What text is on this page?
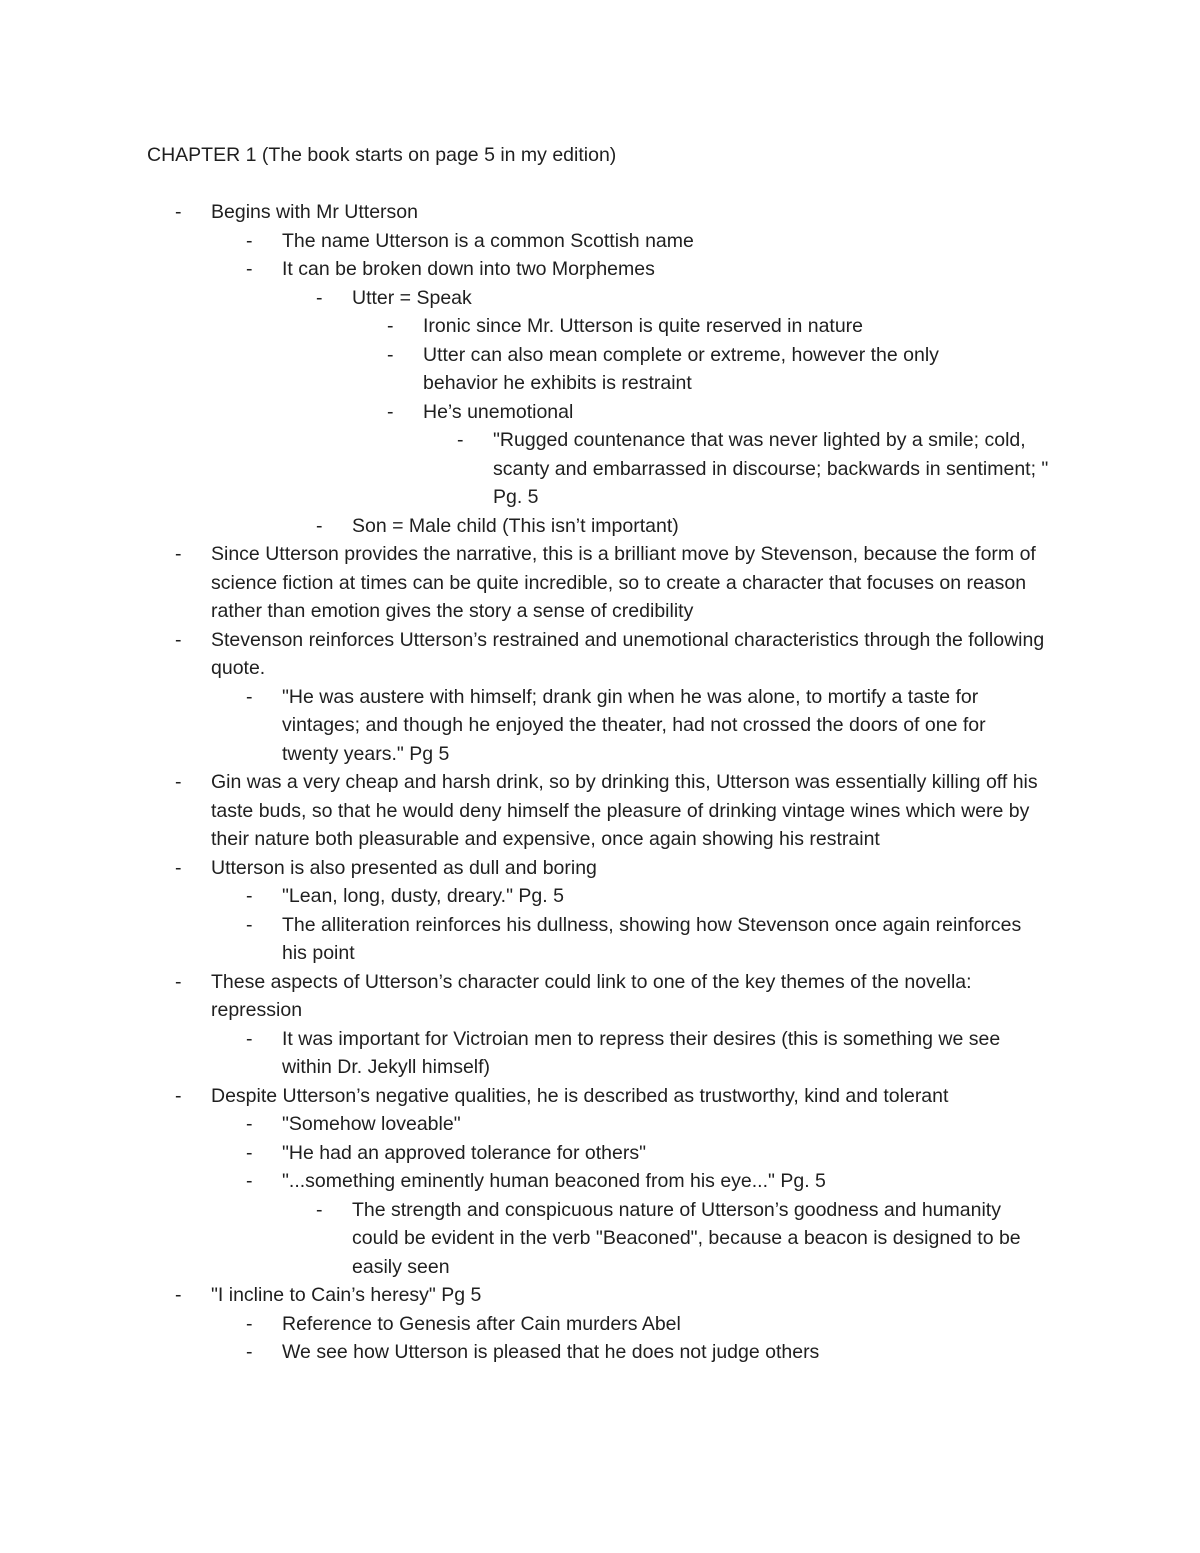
CHAPTER 1 (The book starts on page 5 in my edition)
-	Begins with Mr Utterson
-	The name Utterson is a common Scottish name
-	It can be broken down into two Morphemes
-	Utter = Speak
-	Ironic since Mr. Utterson is quite reserved in nature
-	Utter can also mean complete or extreme, however the only behavior he exhibits is restraint
-	He’s unemotional
-	"Rugged countenance that was never lighted by a smile; cold, scanty and embarrassed in discourse; backwards in sentiment; " Pg. 5
-	Son = Male child (This isn’t important)
-	Since Utterson provides the narrative, this is a brilliant move by Stevenson, because the form of science fiction at times can be quite incredible, so to create a character that focuses on reason rather than emotion gives the story a sense of credibility
-	Stevenson reinforces Utterson’s restrained and unemotional characteristics through the following quote.
-	"He was austere with himself; drank gin when he was alone, to mortify a taste for vintages; and though he enjoyed the theater, had not crossed the doors of one for twenty years." Pg 5
-	Gin was a very cheap and harsh drink, so by drinking this, Utterson was essentially killing off his taste buds, so that he would deny himself the pleasure of drinking vintage wines which were by their nature both pleasurable and expensive, once again showing his restraint
-	Utterson is also presented as dull and boring
-	"Lean, long, dusty, dreary." Pg. 5
-	The alliteration reinforces his dullness, showing how Stevenson once again reinforces his point
-	These aspects of Utterson’s character could link to one of the key themes of the novella: repression
-	It was important for Victroian men to repress their desires (this is something we see within Dr. Jekyll himself)
-	Despite Utterson’s negative qualities, he is described as trustworthy, kind and tolerant
-	"Somehow loveable"
-	"He had an approved tolerance for others"
-	"...something eminently human beaconed from his eye..." Pg. 5
-	The strength and conspicuous nature of Utterson’s goodness and humanity could be evident in the verb "Beaconed", because a beacon is designed to be easily seen
-	"I incline to Cain’s heresy" Pg 5
-	Reference to Genesis after Cain murders Abel
-	We see how Utterson is pleased that he does not judge others
